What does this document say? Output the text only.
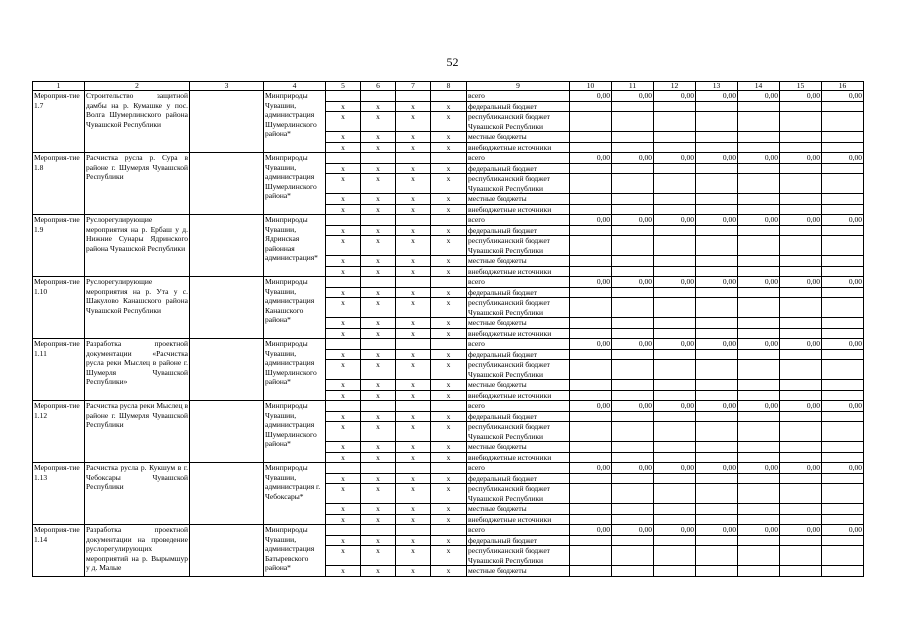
52
1	2	3	4	5	6	7	8	9	10	11	12	13	14	15	16
Мероприя-тие 1.7	Строительство защитной дамбы на р. Кумашке у пос. Волга Шумерлинского района Чувашской Республики		Минприроды Чувашии, администрация Шумерлинского района*					всего	0,00	0,00	0,00	0,00	0,00	0,00	0,00
				x	x	x	x	федеральный бюджет							
				x	x	x	x	республиканский бюджет Чувашской Республики							

				x	x	x	x	местные бюджеты							
				x	x	x	x	внебюджетные источники							
Мероприя-тие 1.8	Расчистка русла р. Сура в районе г. Шумерля Чувашской Республики		Минприроды Чувашии, администрация Шумерлинского района*					всего	0,00	0,00	0,00	0,00	0,00	0,00	0,00
				x	x	x	x	федеральный бюджет							
				x	x	x	x	республиканский бюджет Чувашской Республики							

				x	x	x	x	местные бюджеты							
				x	x	x	x	внебюджетные источники							
Мероприя-тие 1.9	Руслорегулирующие мероприятия на р. Ербаш у д. Нижние Сунары Ядринского района Чувашской Республики		Минприроды Чувашии, Ядринская районная администрация*					всего	0,00	0,00	0,00	0,00	0,00	0,00	0,00
				x	x	x	x	федеральный бюджет							
				x	x	x	x	республиканский бюджет Чувашской Республики							

				x	x	x	x	местные бюджеты							
				x	x	x	x	внебюджетные источники							
Мероприя-тие 1.10	Руслорегулирующие мероприятия на р. Ута у с. Шакулово Канашского района Чувашской Республики		Минприроды Чувашии, администрация Канашского района*					всего	0,00	0,00	0,00	0,00	0,00	0,00	0,00
				x	x	x	x	федеральный бюджет							
				x	x	x	x	республиканский бюджет Чувашской Республики							

				x	x	x	x	местные бюджеты							
				x	x	x	x	внебюджетные источники							
Мероприя-тие 1.11	Разработка проектной документации «Расчистка русла реки Мыслец в районе г. Шумерля Чувашской Республики»		Минприроды Чувашии, администрация Шумерлинского района*					всего	0,00	0,00	0,00	0,00	0,00	0,00	0,00
				x	x	x	x	федеральный бюджет							
				x	x	x	x	республиканский бюджет Чувашской Республики							

				x	x	x	x	местные бюджеты							
				x	x	x	x	внебюджетные источники							
Мероприя-тие 1.12	Расчистка русла реки Мыслец в районе г. Шумерля Чувашской Республики		Минприроды Чувашии, администрация Шумерлинского района*					всего	0,00	0,00	0,00	0,00	0,00	0,00	0,00
				x	x	x	x	федеральный бюджет							
				x	x	x	x	республиканский бюджет Чувашской Республики							

				x	x	x	x	местные бюджеты							
				x	x	x	x	внебюджетные источники							
Мероприя-тие 1.13	Расчистка русла р. Кукшум в г. Чебоксары Чувашской Республики		Минприроды Чувашии, администрация г. Чебоксары*					всего	0,00	0,00	0,00	0,00	0,00	0,00	0,00
				x	x	x	x	федеральный бюджет							
				x	x	x	x	республиканский бюджет Чувашской Республики							

				x	x	x	x	местные бюджеты							
				x	x	x	x	внебюджетные источники							
Мероприя-тие 1.14	Разработка проектной документации на проведение руслорегулирующих мероприятий на р. Вырымшур у д. Малые		Минприроды Чувашии, администрация Батыревского района*					всего	0,00	0,00	0,00	0,00	0,00	0,00	0,00
				x	x	x	x	федеральный бюджет							
				x	x	x	x	республиканский бюджет Чувашской Республики							

				x	x	x	x	местные бюджеты							
